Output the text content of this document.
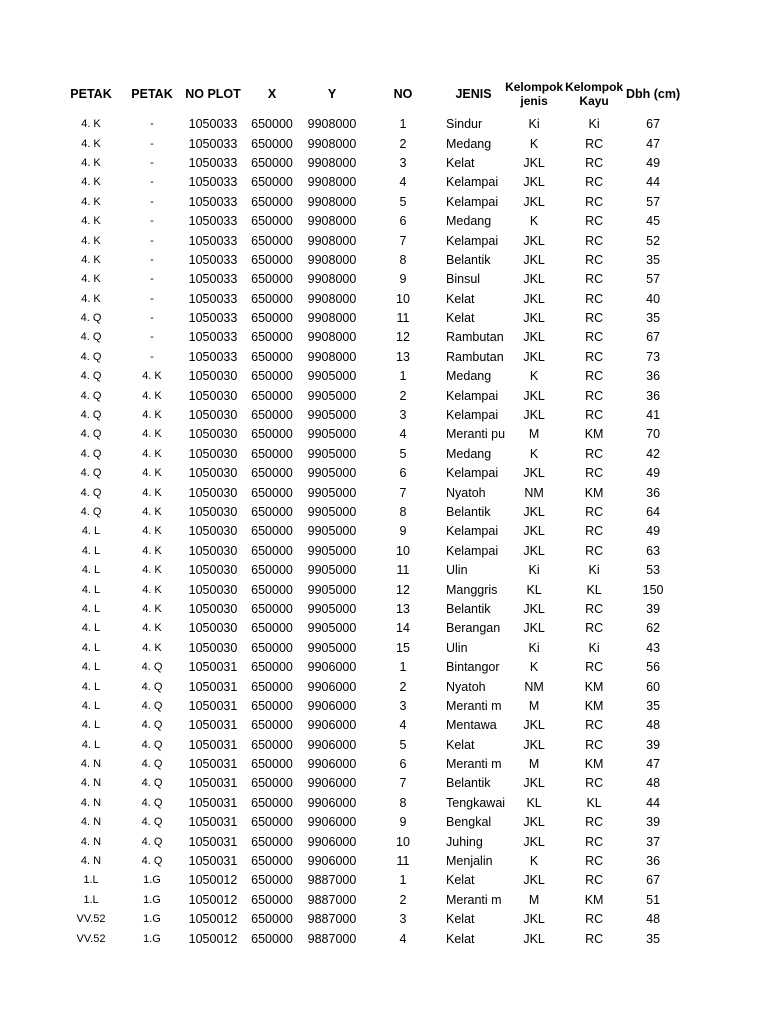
PETAK	PETAK	NO PLOT	X	Y	NO	JENIS	Kelompok jenis	Kelompok Kayu	Dbh (cm)

4. K	-	1050033	650000	9908000	1	Sindur	Ki	Ki	67
4. K	-	1050033	650000	9908000	2	Medang	K	RC	47
4. K	-	1050033	650000	9908000	3	Kelat	JKL	RC	49
4. K	-	1050033	650000	9908000	4	Kelampai	JKL	RC	44
4. K	-	1050033	650000	9908000	5	Kelampai	JKL	RC	57
4. K	-	1050033	650000	9908000	6	Medang	K	RC	45
4. K	-	1050033	650000	9908000	7	Kelampai	JKL	RC	52
4. K	-	1050033	650000	9908000	8	Belantik	JKL	RC	35
4. K	-	1050033	650000	9908000	9	Binsul	JKL	RC	57
4. K	-	1050033	650000	9908000	10	Kelat	JKL	RC	40
4. Q	-	1050033	650000	9908000	11	Kelat	JKL	RC	35
4. Q	-	1050033	650000	9908000	12	Rambutan	JKL	RC	67
4. Q	-	1050033	650000	9908000	13	Rambutan	JKL	RC	73
4. Q	4. K	1050030	650000	9905000	1	Medang	K	RC	36
4. Q	4. K	1050030	650000	9905000	2	Kelampai	JKL	RC	36
4. Q	4. K	1050030	650000	9905000	3	Kelampai	JKL	RC	41
4. Q	4. K	1050030	650000	9905000	4	Meranti pu	M	KM	70
4. Q	4. K	1050030	650000	9905000	5	Medang	K	RC	42
4. Q	4. K	1050030	650000	9905000	6	Kelampai	JKL	RC	49
4. Q	4. K	1050030	650000	9905000	7	Nyatoh	NM	KM	36
4. Q	4. K	1050030	650000	9905000	8	Belantik	JKL	RC	64
4. L	4. K	1050030	650000	9905000	9	Kelampai	JKL	RC	49
4. L	4. K	1050030	650000	9905000	10	Kelampai	JKL	RC	63
4. L	4. K	1050030	650000	9905000	11	Ulin	Ki	Ki	53
4. L	4. K	1050030	650000	9905000	12	Manggris	KL	KL	150
4. L	4. K	1050030	650000	9905000	13	Belantik	JKL	RC	39
4. L	4. K	1050030	650000	9905000	14	Berangan	JKL	RC	62
4. L	4. K	1050030	650000	9905000	15	Ulin	Ki	Ki	43
4. L	4. Q	1050031	650000	9906000	1	Bintangor	K	RC	56
4. L	4. Q	1050031	650000	9906000	2	Nyatoh	NM	KM	60
4. L	4. Q	1050031	650000	9906000	3	Meranti m	M	KM	35
4. L	4. Q	1050031	650000	9906000	4	Mentawa	JKL	RC	48
4. L	4. Q	1050031	650000	9906000	5	Kelat	JKL	RC	39
4. N	4. Q	1050031	650000	9906000	6	Meranti m	M	KM	47
4. N	4. Q	1050031	650000	9906000	7	Belantik	JKL	RC	48
4. N	4. Q	1050031	650000	9906000	8	Tengkawai	KL	KL	44
4. N	4. Q	1050031	650000	9906000	9	Bengkal	JKL	RC	39
4. N	4. Q	1050031	650000	9906000	10	Juhing	JKL	RC	37
4. N	4. Q	1050031	650000	9906000	11	Menjalin	K	RC	36
1.L	1.G	1050012	650000	9887000	1	Kelat	JKL	RC	67
1.L	1.G	1050012	650000	9887000	2	Meranti m	M	KM	51
VV.52	1.G	1050012	650000	9887000	3	Kelat	JKL	RC	48
VV.52	1.G	1050012	650000	9887000	4	Kelat	JKL	RC	35
